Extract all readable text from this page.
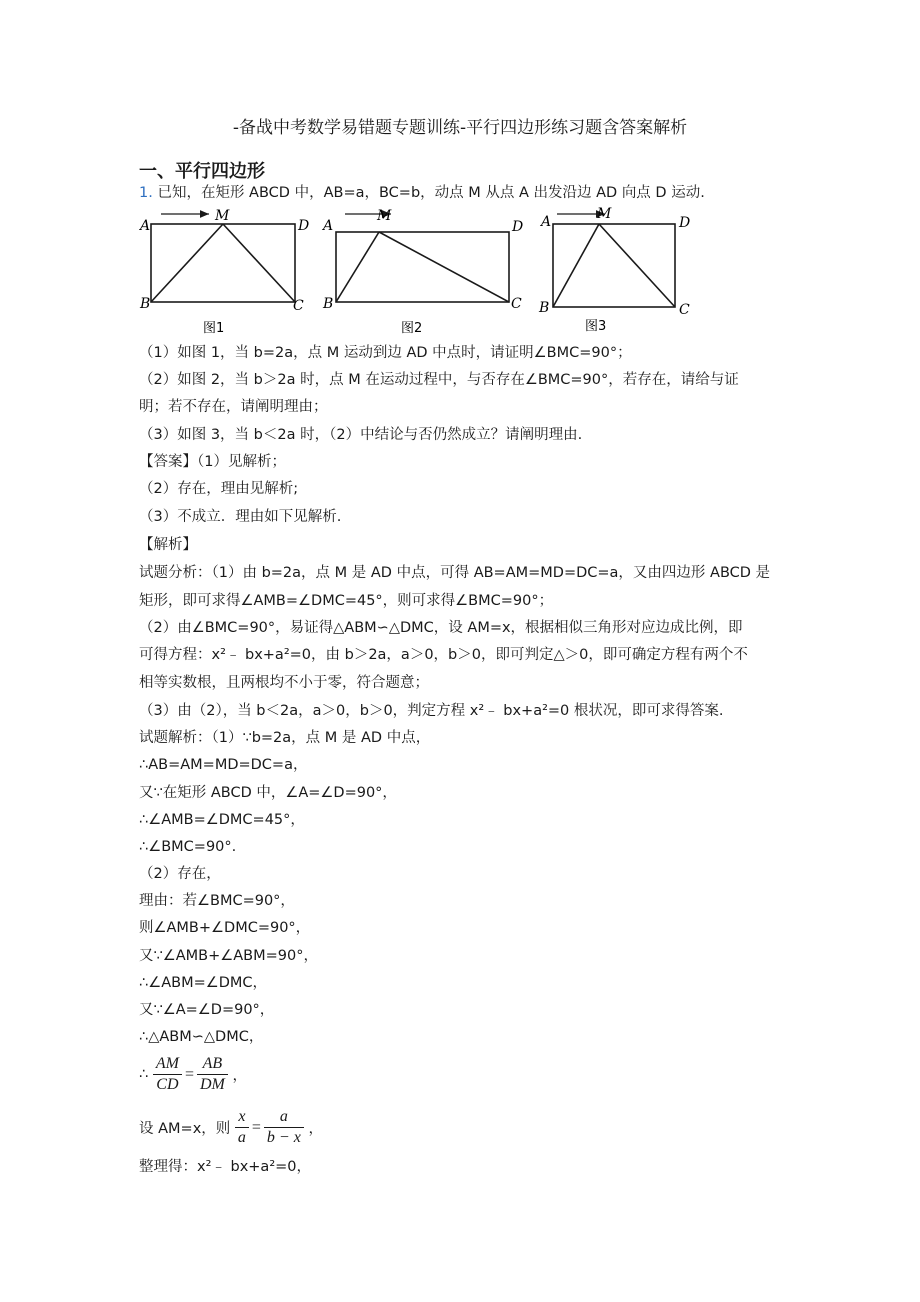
-备战中考数学易错题专题训练-平行四边形练习题含答案解析
一、平行四边形
1. 已知，在矩形 ABCD 中，AB=a，BC=b，动点 M 从点 A 出发沿边 AD 向点 D 运动.
A
M
D
B	C
图1
A
M
D
B	C
图2
A	M
D
B	C
图3
（1）如图 1，当 b=2a，点 M 运动到边 AD 中点时，请证明∠BMC=90°；
（2）如图 2，当 b＞2a 时，点 M 在运动过程中，与否存在∠BMC=90°，若存在，请给与证
明；若不存在，请阐明理由；
（3）如图 3，当 b＜2a 时，（2）中结论与否仍然成立？请阐明理由.
【答案】（1）见解析；
（2）存在，理由见解析;
（3）不成立．理由如下见解析.
【解析】
试题分析：（1）由 b=2a，点 M 是 AD 中点，可得 AB=AM=MD=DC=a，又由四边形 ABCD 是
矩形，即可求得∠AMB=∠DMC=45°，则可求得∠BMC=90°；
（2）由∠BMC=90°，易证得△ABM∽△DMC，设 AM=x，根据相似三角形对应边成比例，即
可得方程：x²﹣ bx+a²=0，由 b＞2a，a＞0，b＞0，即可判定△＞0，即可确定方程有两个不
相等实数根，且两根均不小于零，符合题意；
（3）由（2），当 b＜2a，a＞0，b＞0，判定方程 x²﹣ bx+a²=0 根状况，即可求得答案.
试题解析：（1）∵b=2a，点 M 是 AD 中点，
∴AB=AM=MD=DC=a，
又∵在矩形 ABCD 中，∠A=∠D=90°，
∴∠AMB=∠DMC=45°，
∴∠BMC=90°.
（2）存在，
理由：若∠BMC=90°，
则∠AMB+∠DMC=90°，
又∵∠AMB+∠ABM=90°，
∴∠ABM=∠DMC，
又∵∠A=∠D=90°，
∴△ABM∽△DMC，
∴ $\frac{AM}{CD} = \frac{AB}{DM}$ ，
设 AM=x，则 $\frac{x}{a} = \frac{a}{b - x}$ ，
整理得：x²﹣ bx+a²=0，
